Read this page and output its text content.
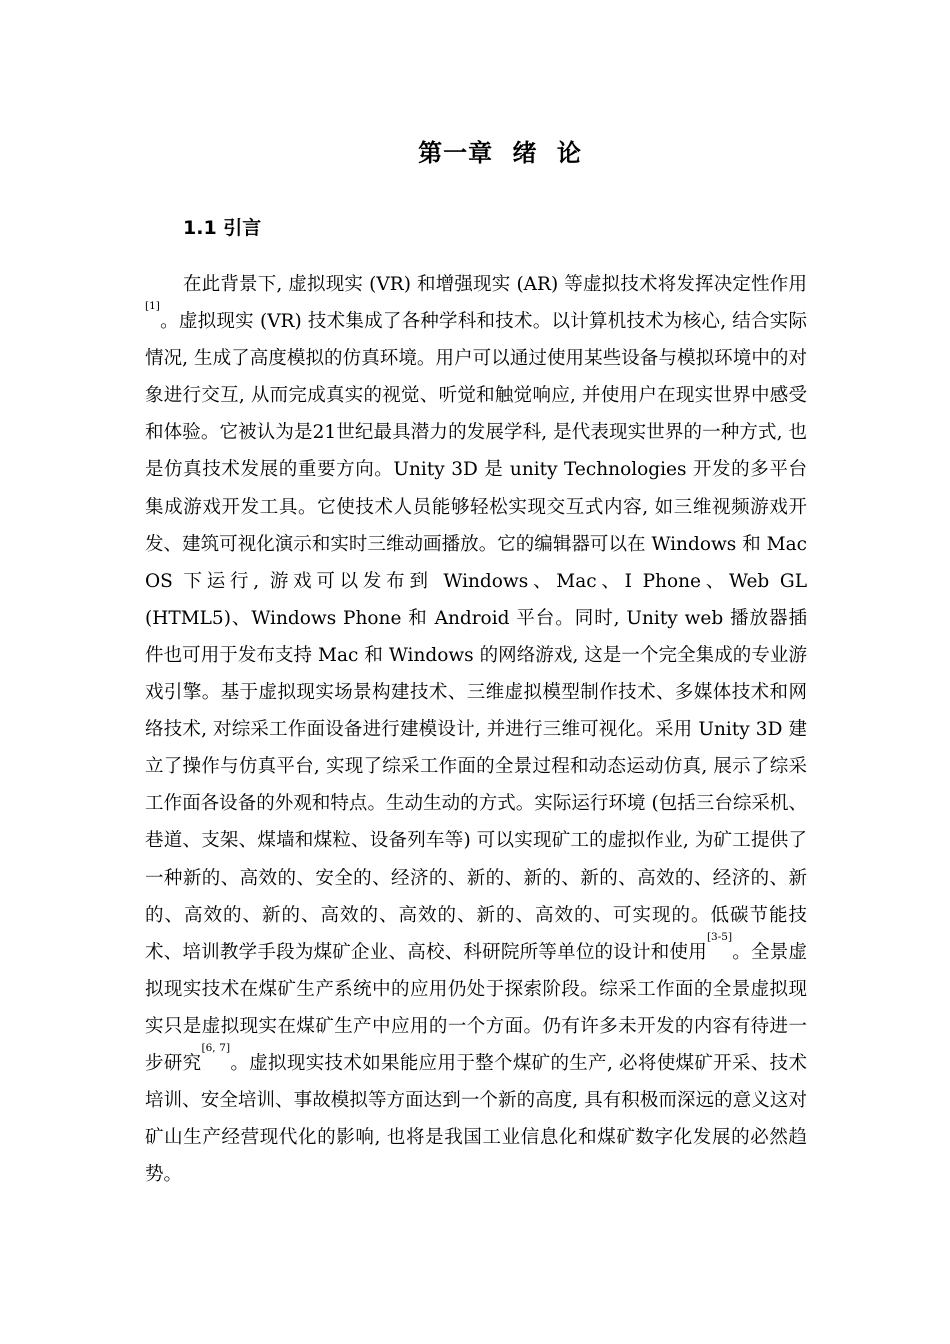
第一章 绪 论
1.1 引言

在此背景下, 虚拟现实 (VR) 和增强现实 (AR) 等虚拟技术将发挥决定性作用[1]。虚拟现实 (VR) 技术集成了各种学科和技术。以计算机技术为核心, 结合实际情况, 生成了高度模拟的仿真环境。用户可以通过使用某些设备与模拟环境中的对象进行交互, 从而完成真实的视觉、听觉和触觉响应, 并使用户在现实世界中感受和体验。它被认为是21世纪最具潜力的发展学科, 是代表现实世界的一种方式, 也是仿真技术发展的重要方向。Unity 3D 是 unity Technologies 开发的多平台集成游戏开发工具。它使技术人员能够轻松实现交互式内容, 如三维视频游戏开发、建筑可视化演示和实时三维动画播放。它的编辑器可以在 Windows 和 Mac OS 下运行, 游戏可以发布到 Windows、Mac、I Phone、Web GL (HTML5)、Windows Phone 和 Android 平台。同时, Unity web 播放器插件也可用于发布支持 Mac 和 Windows 的网络游戏, 这是一个完全集成的专业游戏引擎。基于虚拟现实场景构建技术、三维虚拟模型制作技术、多媒体技术和网络技术, 对综采工作面设备进行建模设计, 并进行三维可视化。采用 Unity 3D 建立了操作与仿真平台, 实现了综采工作面的全景过程和动态运动仿真, 展示了综采工作面各设备的外观和特点。生动生动的方式。实际运行环境 (包括三台综采机、巷道、支架、煤墙和煤粒、设备列车等) 可以实现矿工的虚拟作业, 为矿工提供了一种新的、高效的、安全的、经济的、新的、新的、新的、高效的、经济的、新的、高效的、新的、高效的、高效的、新的、高效的、可实现的。低碳节能技术、培训教学手段为煤矿企业、高校、科研院所等单位的设计和使用[3-5]。全景虚拟现实技术在煤矿生产系统中的应用仍处于探索阶段。综采工作面的全景虚拟现实只是虚拟现实在煤矿生产中应用的一个方面。仍有许多未开发的内容有待进一步研究[6, 7]。虚拟现实技术如果能应用于整个煤矿的生产, 必将使煤矿开采、技术培训、安全培训、事故模拟等方面达到一个新的高度, 具有积极而深远的意义这对矿山生产经营现代化的影响, 也将是我国工业信息化和煤矿数字化发展的必然趋势。
